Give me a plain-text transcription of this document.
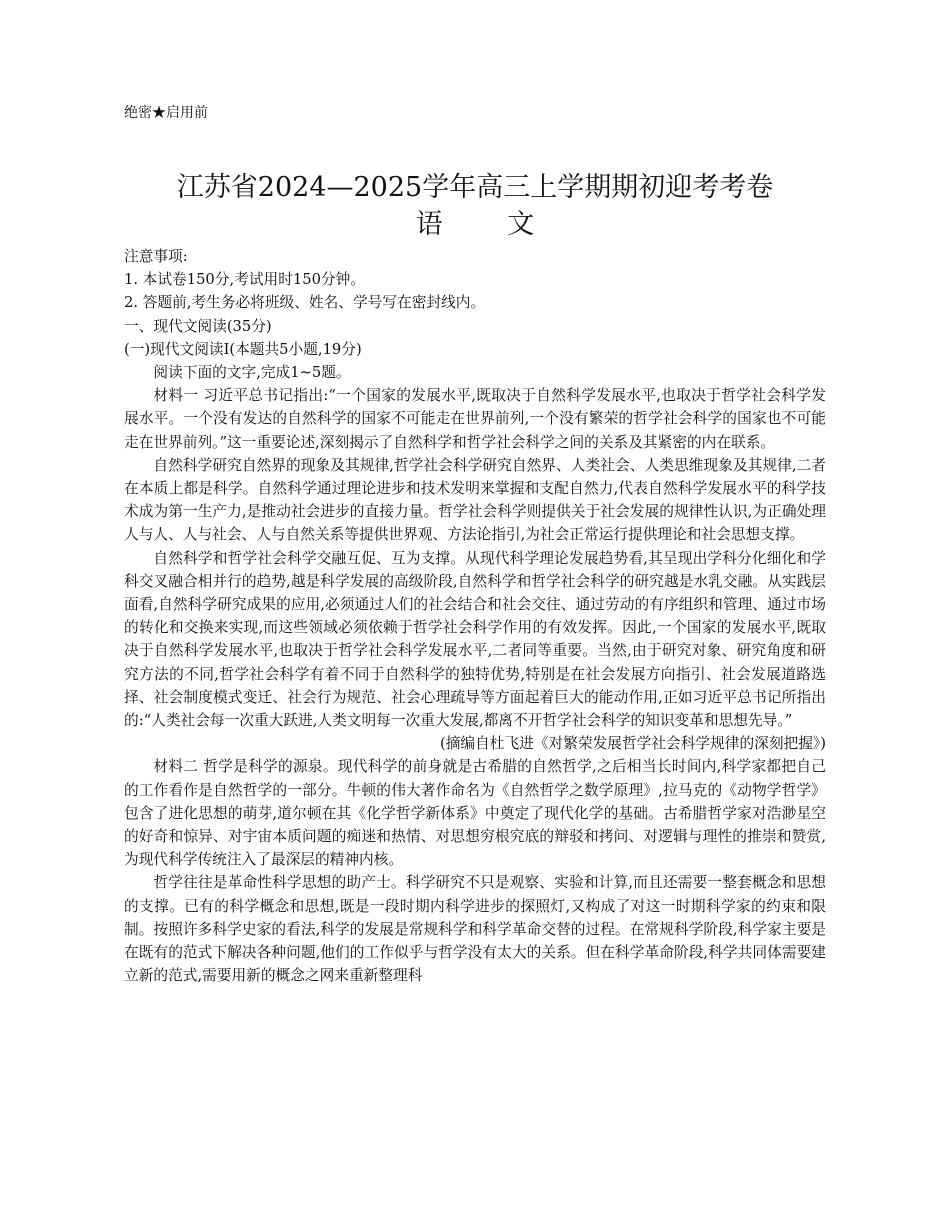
绝密★启用前
江苏省2024—2025学年高三上学期期初迎考考卷
语 文

注意事项:

1. 本试卷150分,考试用时150分钟。

2. 答题前,考生务必将班级、姓名、学号写在密封线内。

一、现代文阅读(35分)

(一)现代文阅读Ⅰ(本题共5小题,19分)

阅读下面的文字,完成1~5题。

材料一 习近平总书记指出:“一个国家的发展水平,既取决于自然科学发展水平,也取决于哲学社会科学发展水平。一个没有发达的自然科学的国家不可能走在世界前列,一个没有繁荣的哲学社会科学的国家也不可能走在世界前列。”这一重要论述,深刻揭示了自然科学和哲学社会科学之间的关系及其紧密的内在联系。

自然科学研究自然界的现象及其规律,哲学社会科学研究自然界、人类社会、人类思维现象及其规律,二者在本质上都是科学。自然科学通过理论进步和技术发明来掌握和支配自然力,代表自然科学发展水平的科学技术成为第一生产力,是推动社会进步的直接力量。哲学社会科学则提供关于社会发展的规律性认识,为正确处理人与人、人与社会、人与自然关系等提供世界观、方法论指引,为社会正常运行提供理论和社会思想支撑。

自然科学和哲学社会科学交融互促、互为支撑。从现代科学理论发展趋势看,其呈现出学科分化细化和学科交叉融合相并行的趋势,越是科学发展的高级阶段,自然科学和哲学社会科学的研究越是水乳交融。从实践层面看,自然科学研究成果的应用,必须通过人们的社会结合和社会交往、通过劳动的有序组织和管理、通过市场的转化和交换来实现,而这些领域必须依赖于哲学社会科学作用的有效发挥。因此,一个国家的发展水平,既取决于自然科学发展水平,也取决于哲学社会科学发展水平,二者同等重要。当然,由于研究对象、研究角度和研究方法的不同,哲学社会科学有着不同于自然科学的独特优势,特别是在社会发展方向指引、社会发展道路选择、社会制度模式变迁、社会行为规范、社会心理疏导等方面起着巨大的能动作用,正如习近平总书记所指出的:“人类社会每一次重大跃进,人类文明每一次重大发展,都离不开哲学社会科学的知识变革和思想先导。”

(摘编自杜飞进《对繁荣发展哲学社会科学规律的深刻把握》)

材料二 哲学是科学的源泉。现代科学的前身就是古希腊的自然哲学,之后相当长时间内,科学家都把自己的工作看作是自然哲学的一部分。牛顿的伟大著作命名为《自然哲学之数学原理》,拉马克的《动物学哲学》包含了进化思想的萌芽,道尔顿在其《化学哲学新体系》中奠定了现代化学的基础。古希腊哲学家对浩渺星空的好奇和惊异、对宇宙本质问题的痴迷和热情、对思想穷根究底的辩驳和拷问、对逻辑与理性的推崇和赞赏,为现代科学传统注入了最深层的精神内核。

哲学往往是革命性科学思想的助产士。科学研究不只是观察、实验和计算,而且还需要一整套概念和思想的支撑。已有的科学概念和思想,既是一段时期内科学进步的探照灯,又构成了对这一时期科学家的约束和限制。按照许多科学史家的看法,科学的发展是常规科学和科学革命交替的过程。在常规科学阶段,科学家主要是在既有的范式下解决各种问题,他们的工作似乎与哲学没有太大的关系。但在科学革命阶段,科学共同体需要建立新的范式,需要用新的概念之网来重新整理科
